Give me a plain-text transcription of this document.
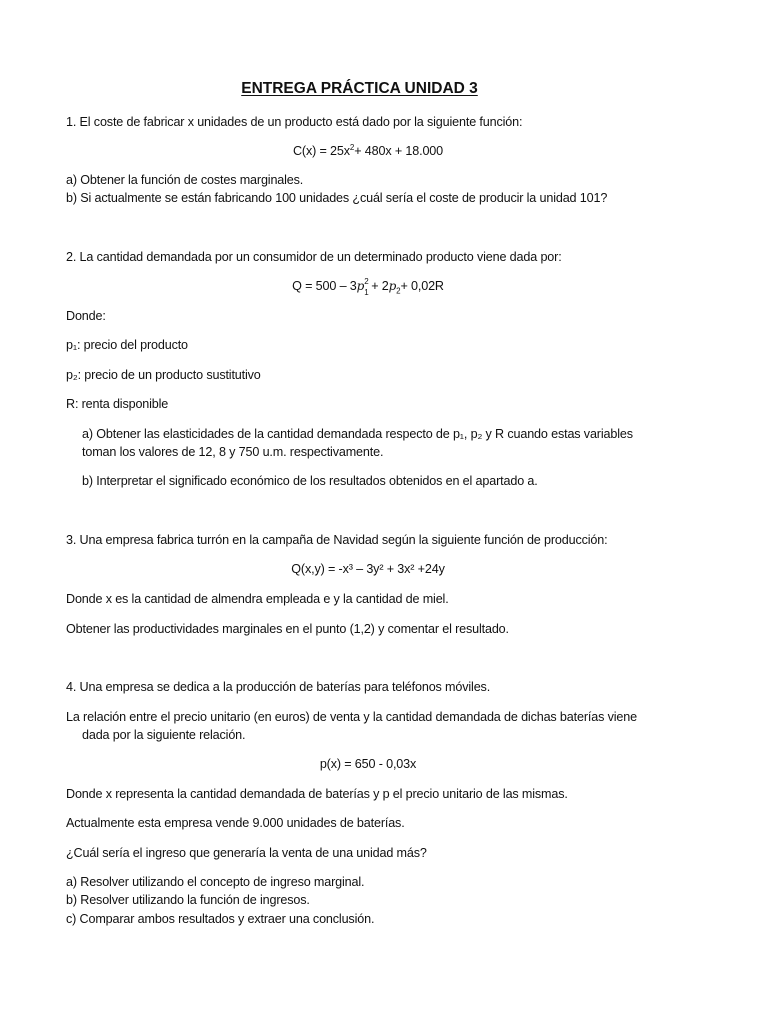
ENTREGA PRÁCTICA UNIDAD 3
1. El coste de fabricar x unidades de un producto está dado por la siguiente función:
$C(x) = 25x^2+ 480x + 18.000$
a) Obtener la función de costes marginales.
b) Si actualmente se están fabricando 100 unidades ¿cuál sería el coste de producir la unidad 101?
2. La cantidad demandada por un consumidor de un determinado producto viene dada por:
Q = 500 – 3p 2
$1 + 2p_2+ 0,02R$
Donde:
p₁: precio del producto
p₂: precio de un producto sustitutivo
R: renta disponible
a) Obtener las elasticidades de la cantidad demandada respecto de p₁, p₂ y R cuando estas variables
toman los valores de 12, 8 y 750 u.m. respectivamente.
b) Interpretar el significado económico de los resultados obtenidos en el apartado a.
3. Una empresa fabrica turrón en la campaña de Navidad según la siguiente función de producción:
Q(x,y) = -x³ – 3y² + 3x² +24y
Donde x es la cantidad de almendra empleada e y la cantidad de miel.
Obtener las productividades marginales en el punto (1,2) y comentar el resultado.
4. Una empresa se dedica a la producción de baterías para teléfonos móviles.
La relación entre el precio unitario (en euros) de venta y la cantidad demandada de dichas baterías viene
dada por la siguiente relación.
p(x) = 650 - 0,03x
Donde x representa la cantidad demandada de baterías y p el precio unitario de las mismas.
Actualmente esta empresa vende 9.000 unidades de baterías.
¿Cuál sería el ingreso que generaría la venta de una unidad más?
a) Resolver utilizando el concepto de ingreso marginal.
b) Resolver utilizando la función de ingresos.
c) Comparar ambos resultados y extraer una conclusión.
